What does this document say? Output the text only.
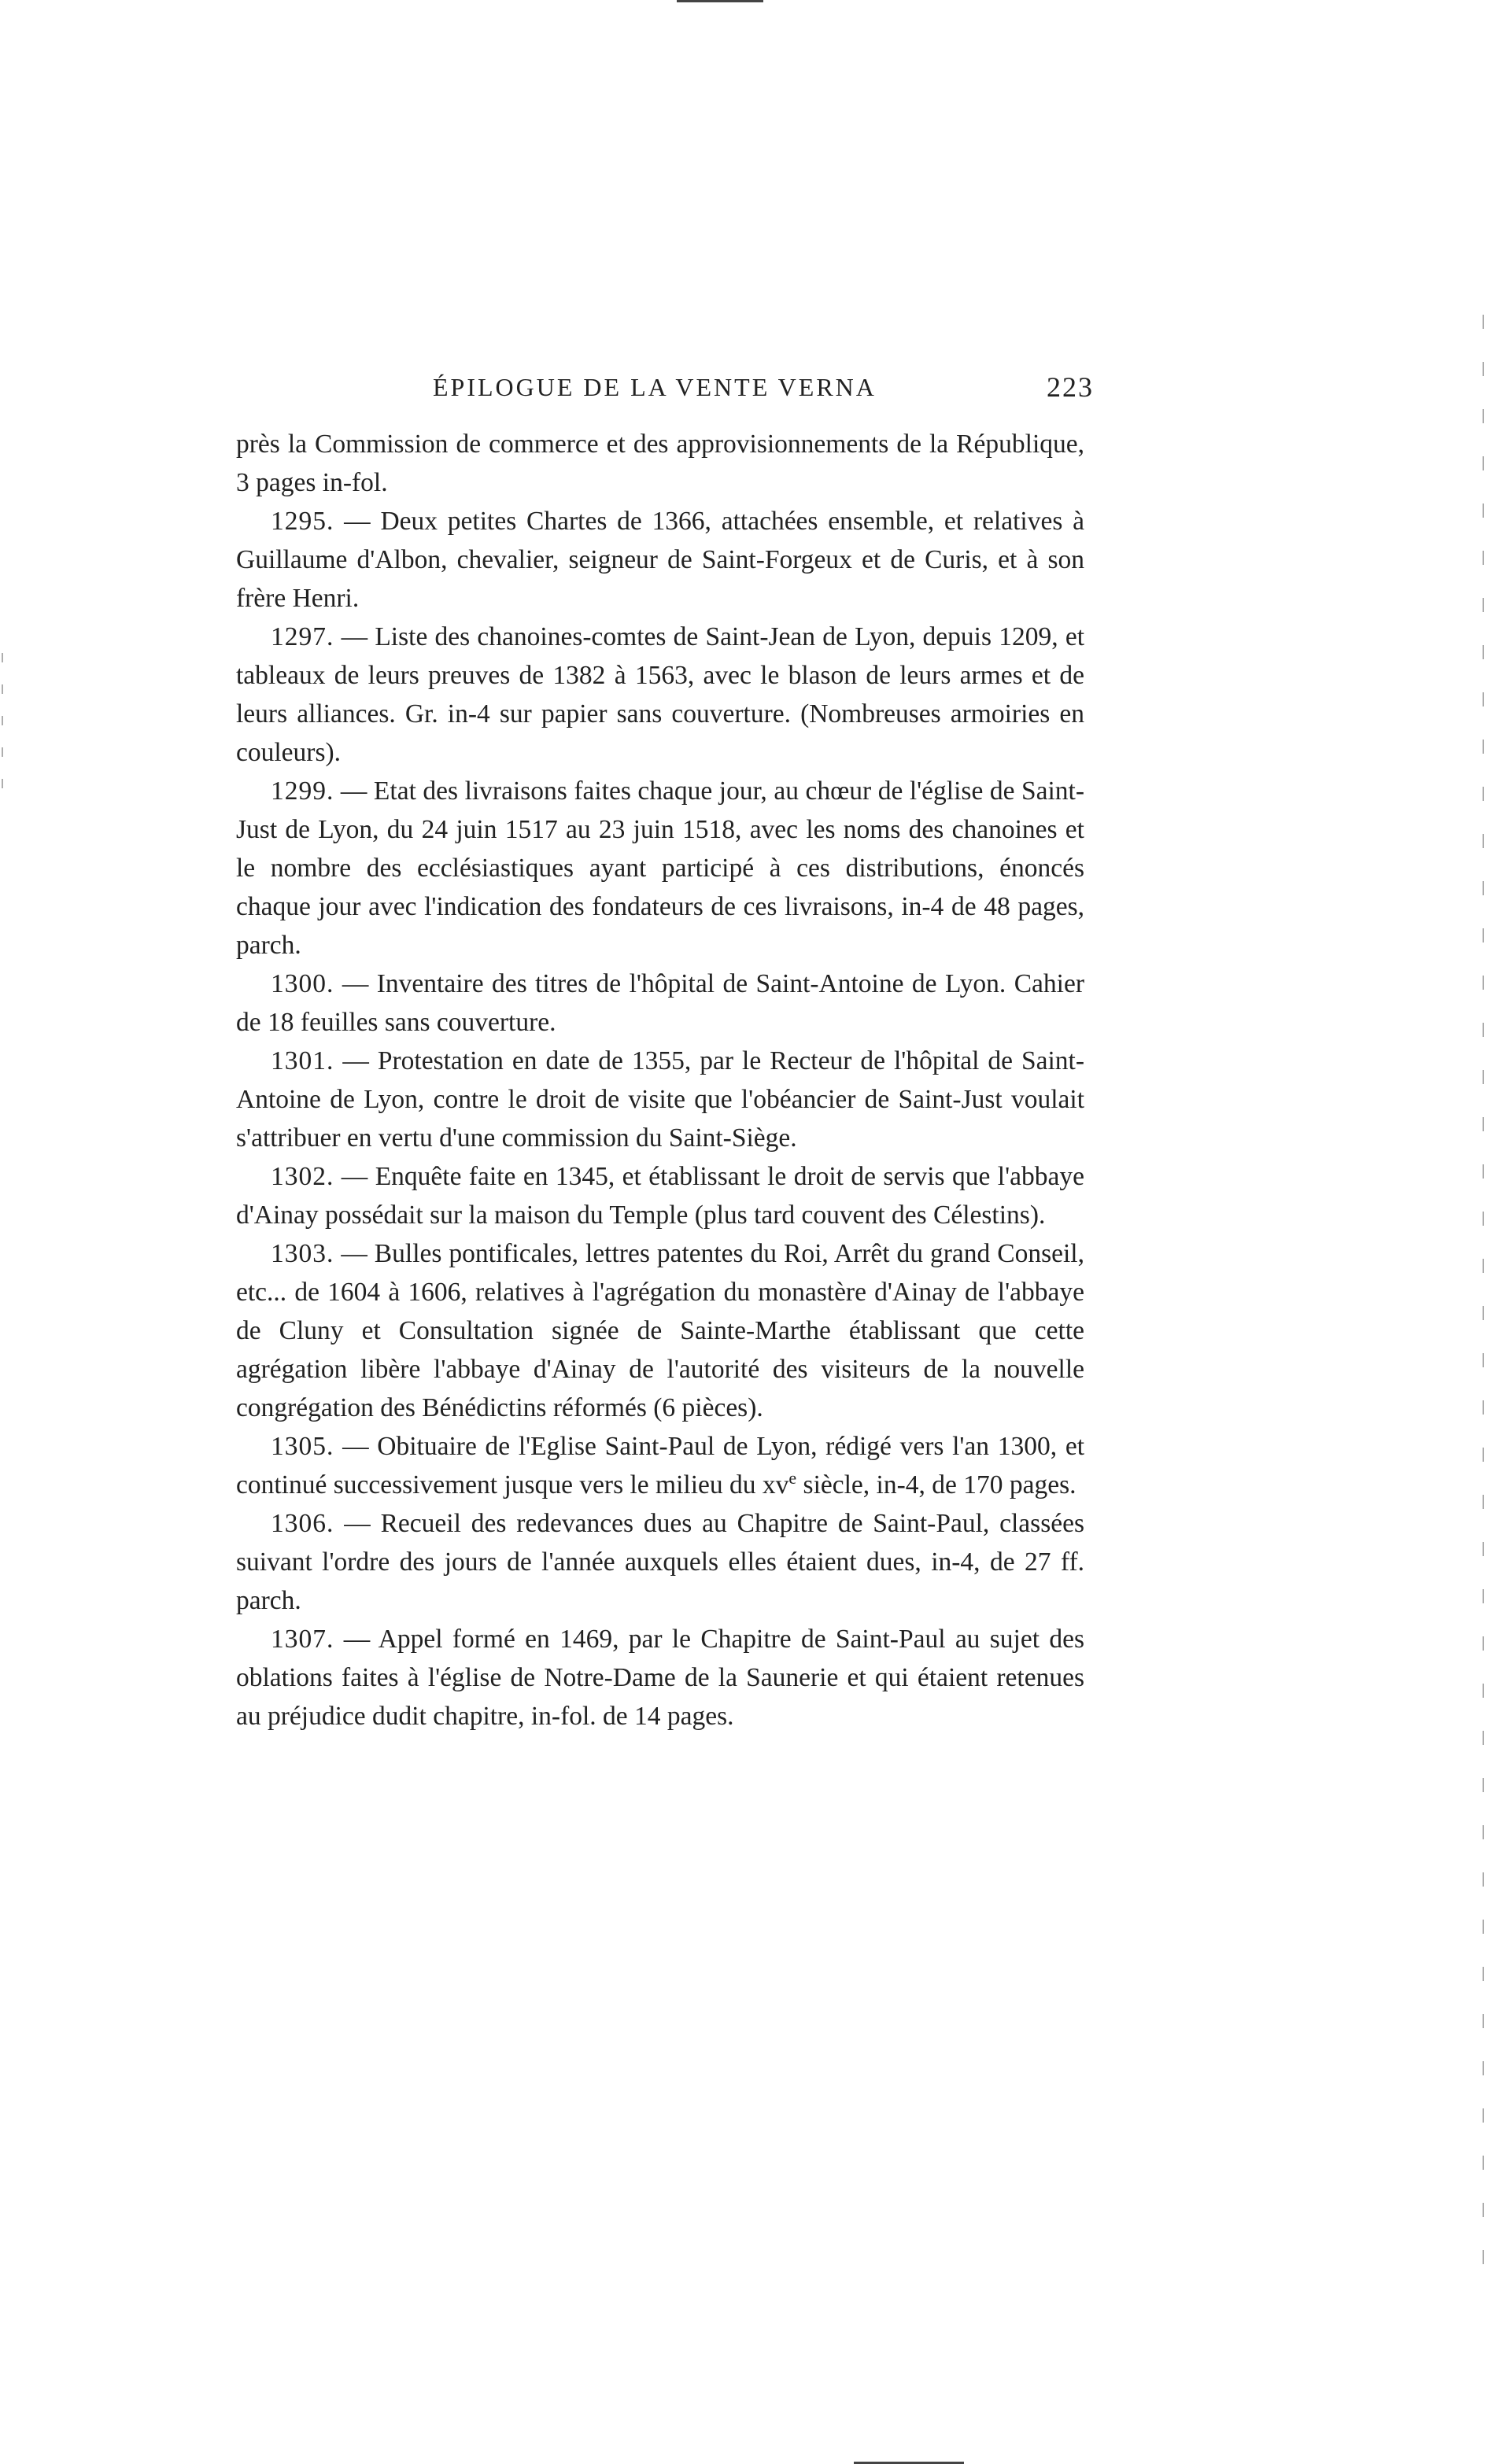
ÉPILOGUE DE LA VENTE VERNA	223

près la Commission de commerce et des approvisionnements de la République, 3 pages in-fol.

1295. — Deux petites Chartes de 1366, attachées ensemble, et relatives à Guillaume d'Albon, chevalier, seigneur de Saint-Forgeux et de Curis, et à son frère Henri.

1297. — Liste des chanoines-comtes de Saint-Jean de Lyon, depuis 1209, et tableaux de leurs preuves de 1382 à 1563, avec le blason de leurs armes et de leurs alliances. Gr. in-4 sur papier sans couverture. (Nombreuses armoiries en couleurs).

1299. — Etat des livraisons faites chaque jour, au chœur de l'église de Saint-Just de Lyon, du 24 juin 1517 au 23 juin 1518, avec les noms des chanoines et le nombre des ecclésiastiques ayant participé à ces distributions, énoncés chaque jour avec l'indication des fondateurs de ces livraisons, in-4 de 48 pages, parch.

1300. — Inventaire des titres de l'hôpital de Saint-Antoine de Lyon. Cahier de 18 feuilles sans couverture.

1301. — Protestation en date de 1355, par le Recteur de l'hôpital de Saint-Antoine de Lyon, contre le droit de visite que l'obéancier de Saint-Just voulait s'attribuer en vertu d'une commission du Saint-Siège.

1302. — Enquête faite en 1345, et établissant le droit de servis que l'abbaye d'Ainay possédait sur la maison du Temple (plus tard couvent des Célestins).

1303. — Bulles pontificales, lettres patentes du Roi, Arrêt du grand Conseil, etc... de 1604 à 1606, relatives à l'agrégation du monastère d'Ainay de l'abbaye de Cluny et Consultation signée de Sainte-Marthe établissant que cette agrégation libère l'abbaye d'Ainay de l'autorité des visiteurs de la nouvelle congrégation des Bénédictins réformés (6 pièces).

1305. — Obituaire de l'Eglise Saint-Paul de Lyon, rédigé vers l'an 1300, et continué successivement jusque vers le milieu du $xv^e$ siècle, in-4, de 170 pages.

1306. — Recueil des redevances dues au Chapitre de Saint-Paul, classées suivant l'ordre des jours de l'année auxquels elles étaient dues, in-4, de 27 ff. parch.

1307. — Appel formé en 1469, par le Chapitre de Saint-Paul au sujet des oblations faites à l'église de Notre-Dame de la Saunerie et qui étaient retenues au préjudice dudit chapitre, in-fol. de 14 pages.
